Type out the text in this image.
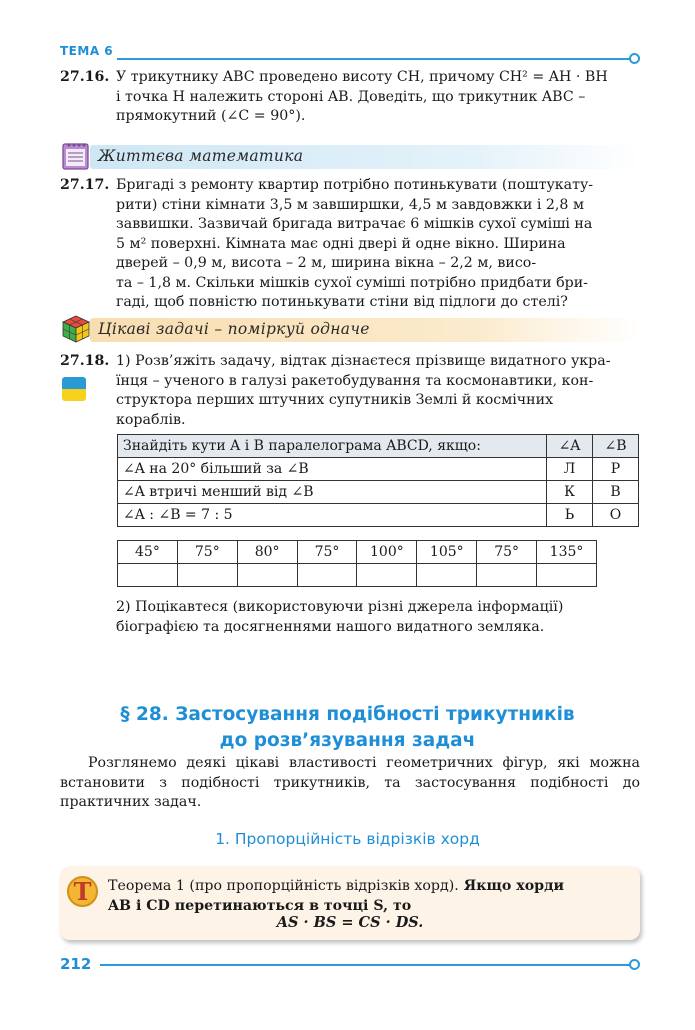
ТЕМА 6
27.16. У трикутнику ABC проведено висоту CH, причому CH² = AH · BH
і точка H належить стороні AB. Доведіть, що трикутник ABC –
прямокутний (∠C = 90°).
Життєва математика
27.17. Бригаді з ремонту квартир потрібно потинькувати (поштукату-
рити) стіни кімнати 3,5 м завширшки, 4,5 м завдовжки і 2,8 м
заввишки. Зазвичай бригада витрачає 6 мішків сухої суміші на
5 м² поверхні. Кімната має одні двері й одне вікно. Ширина
дверей – 0,9 м, висота – 2 м, ширина вікна – 2,2 м, висо-
та – 1,8 м. Скільки мішків сухої суміші потрібно придбати бри-
гаді, щоб повністю потинькувати стіни від підлоги до стелі?
Цікаві задачі – поміркуй одначе
27.18. 1) Розв’яжіть задачу, відтак дізнаєтеся прізвище видатного укра-
їнця – ученого в галузі ракетобудування та космонавтики, кон-
структора перших штучних супутників Землі й космічних
кораблів.
Знайдіть кути A і B паралелограма ABCD, якщо:	∠A	∠B
∠A на 20° більший за ∠B	Л	Р
∠A втричі менший від ∠B	К	В
∠A : ∠B = 7 : 5	Ь	О
45°	75°	80°	75°	100°	105°	75°	135°

2) Поцікавтеся (використовуючи різні джерела інформації)
біографією та досягненнями нашого видатного земляка.
§ 28. Застосування подібності трикутників
до розв’язування задач
Розглянемо деякі цікаві властивості геометричних фігур, які можна встановити з подібності трикутників, та застосування подібності до практичних задач.
1. Пропорційність відрізків хорд
T	Теорема 1 (про пропорційність відрізків хорд). Якщо хорди
AB і CD перетинаються в точці S, то
AS · BS = CS · DS.
212
